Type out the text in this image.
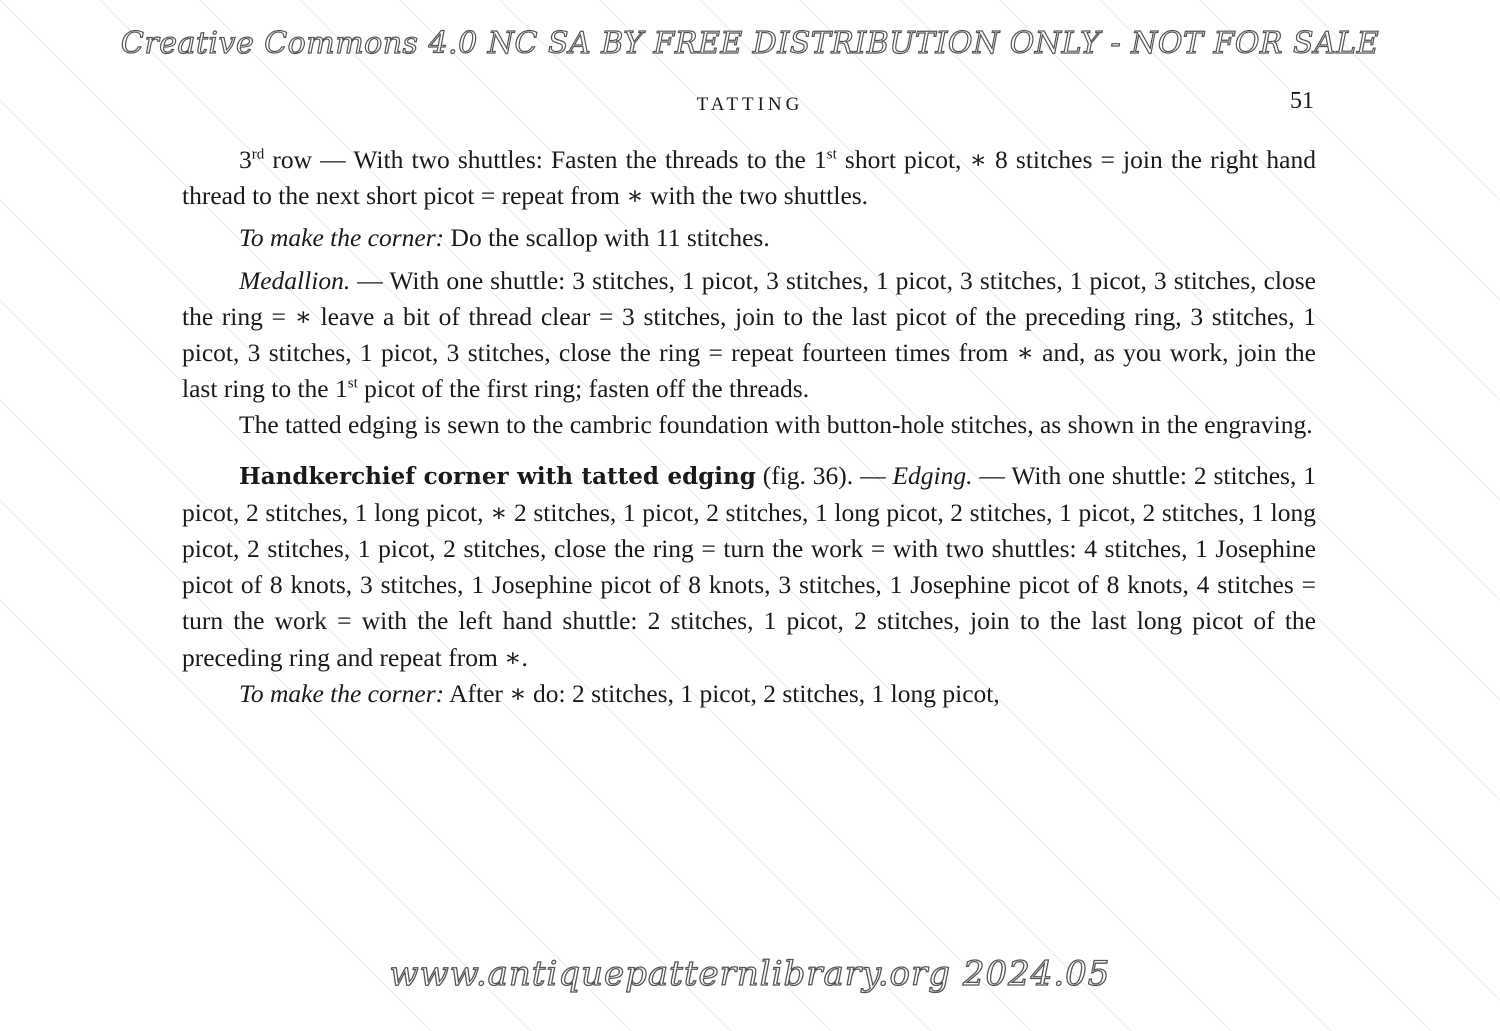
Creative Commons 4.0 NC SA BY FREE DISTRIBUTION ONLY - NOT FOR SALE
TATTING	51

3rd row — With two shuttles: Fasten the threads to the 1st short picot, ∗ 8 stitches = join the right hand thread to the next short picot = repeat from ∗ with the two shuttles.

To make the corner: Do the scallop with 11 stitches.

Medallion. — With one shuttle: 3 stitches, 1 picot, 3 stitches, 1 picot, 3 stitches, 1 picot, 3 stitches, close the ring = ∗ leave a bit of thread clear = 3 stitches, join to the last picot of the preceding ring, 3 stitches, 1 picot, 3 stitches, 1 picot, 3 stitches, close the ring = repeat fourteen times from ∗ and, as you work, join the last ring to the 1st picot of the first ring; fasten off the threads.

The tatted edging is sewn to the cambric foundation with button-hole stitches, as shown in the engraving.

Handkerchief corner with tatted edging (fig. 36). — Edging. — With one shuttle: 2 stitches, 1 picot, 2 stitches, 1 long picot, ∗ 2 stitches, 1 picot, 2 stitches, 1 long picot, 2 stitches, 1 picot, 2 stitches, 1 long picot, 2 stitches, 1 picot, 2 stitches, close the ring = turn the work = with two shuttles: 4 stitches, 1 Josephine picot of 8 knots, 3 stitches, 1 Josephine picot of 8 knots, 3 stitches, 1 Josephine picot of 8 knots, 4 stitches = turn the work = with the left hand shuttle: 2 stitches, 1 picot, 2 stitches, join to the last long picot of the preceding ring and repeat from ∗.

To make the corner: After ∗ do: 2 stitches, 1 picot, 2 stitches, 1 long picot,

www.antiquepatternlibrary.org 2024.05
